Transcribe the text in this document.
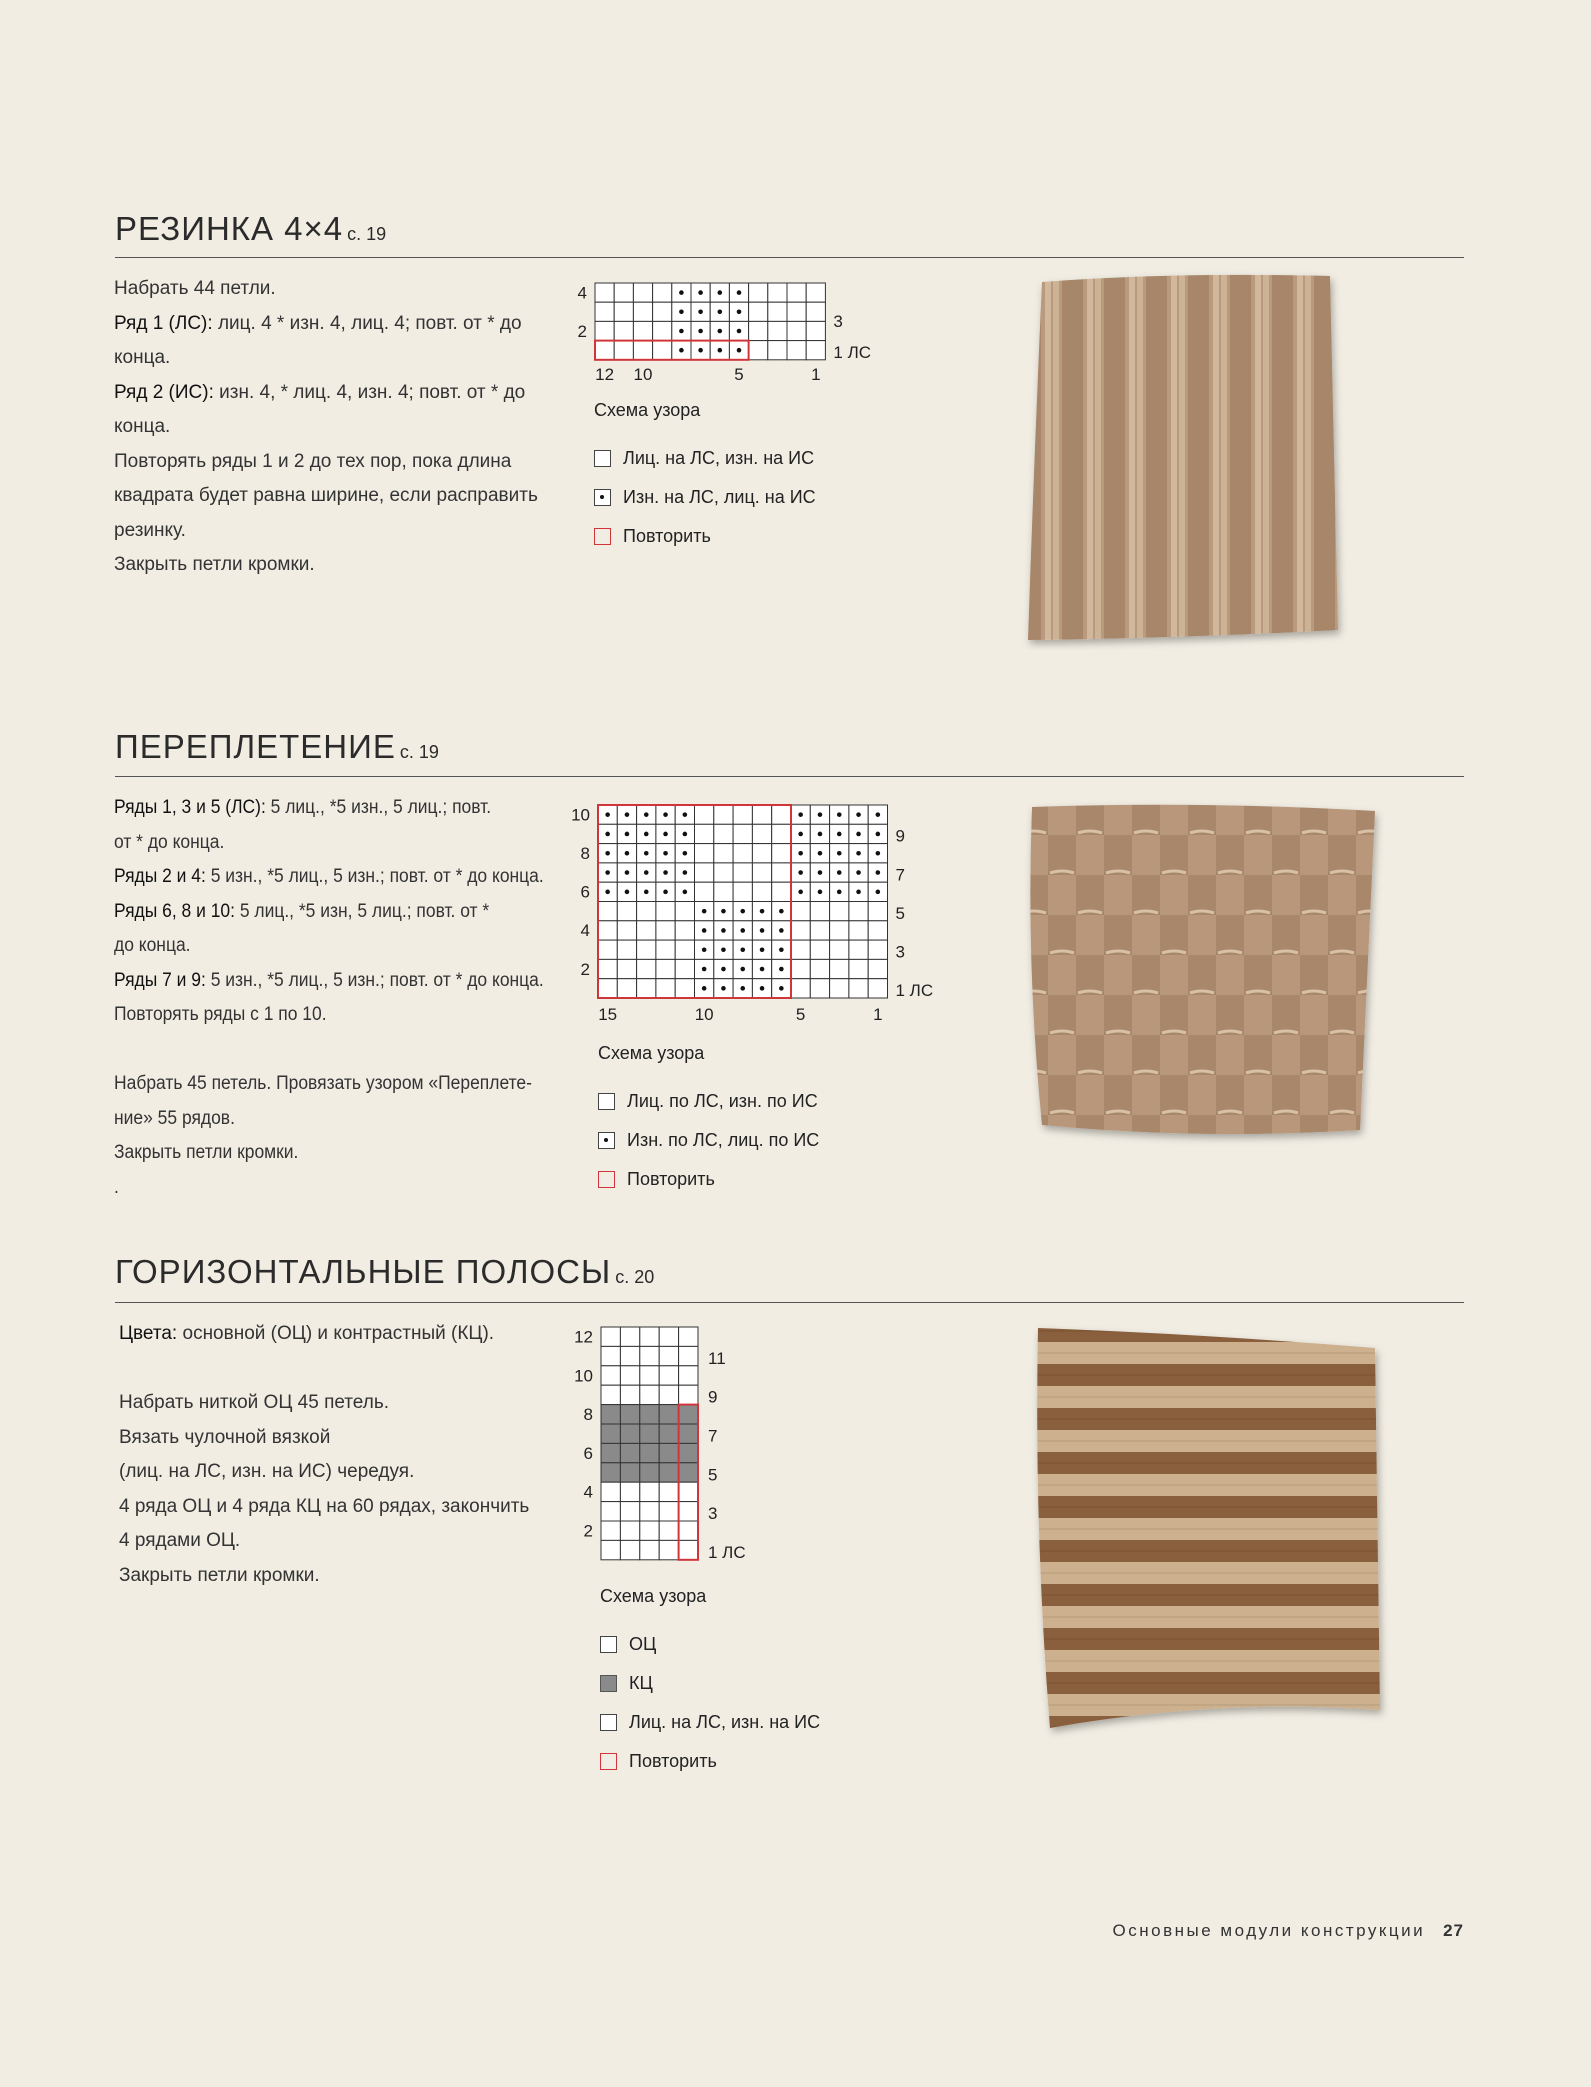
РЕЗИНКА 4×4 с. 19
Набрать 44 петли.
Ряд 1 (ЛС): лиц. 4 * изн. 4, лиц. 4; повт. от * до
конца.
Ряд 2 (ИС): изн. 4, * лиц. 4, изн. 4; повт. от * до
конца.
Повторять ряды 1 и 2 до тех пор, пока длина
квадрата будет равна ширине, если расправить
резинку.
Закрыть петли кромки.
4
2
3
1 ЛС
12 10	5	1
Схема узора
Лиц. на ЛС, изн. на ИС
Изн. на ЛС, лиц. на ИС
Повторить
ПЕРЕПЛЕТЕНИЕ с. 19
Ряды 1, 3 и 5 (ЛС): 5 лиц., *5 изн., 5 лиц.; повт.
от * до конца.
Ряды 2 и 4: 5 изн., *5 лиц., 5 изн.; повт. от * до конца.
Ряды 6, 8 и 10: 5 лиц., *5 изн, 5 лиц.; повт. от *
до конца.
Ряды 7 и 9: 5 изн., *5 лиц., 5 изн.; повт. от * до конца.
Повторять ряды с 1 по 10.

Набрать 45 петель. Провязать узором «Переплете-
ние» 55 рядов.
Закрыть петли кромки.
.
10
8
6
4
2
9
7
5
3
1 ЛС
15	10	5	1
Схема узора
Лиц. по ЛС, изн. по ИС
Изн. по ЛС, лиц. по ИС
Повторить
ГОРИЗОНТАЛЬНЫЕ ПОЛОСЫ с. 20
Цвета: основной (ОЦ) и контрастный (КЦ).

Набрать ниткой ОЦ 45 петель.
Вязать чулочной вязкой
(лиц. на ЛС, изн. на ИС) чередуя.
4 ряда ОЦ и 4 ряда КЦ на 60 рядах, закончить
4 рядами ОЦ.
Закрыть петли кромки.
12
10
8
6
4
2
11
9
7
5
3
1 ЛС
Схема узора
ОЦ
КЦ
Лиц. на ЛС, изн. на ИС
Повторить
Основные модули конструкции 27
